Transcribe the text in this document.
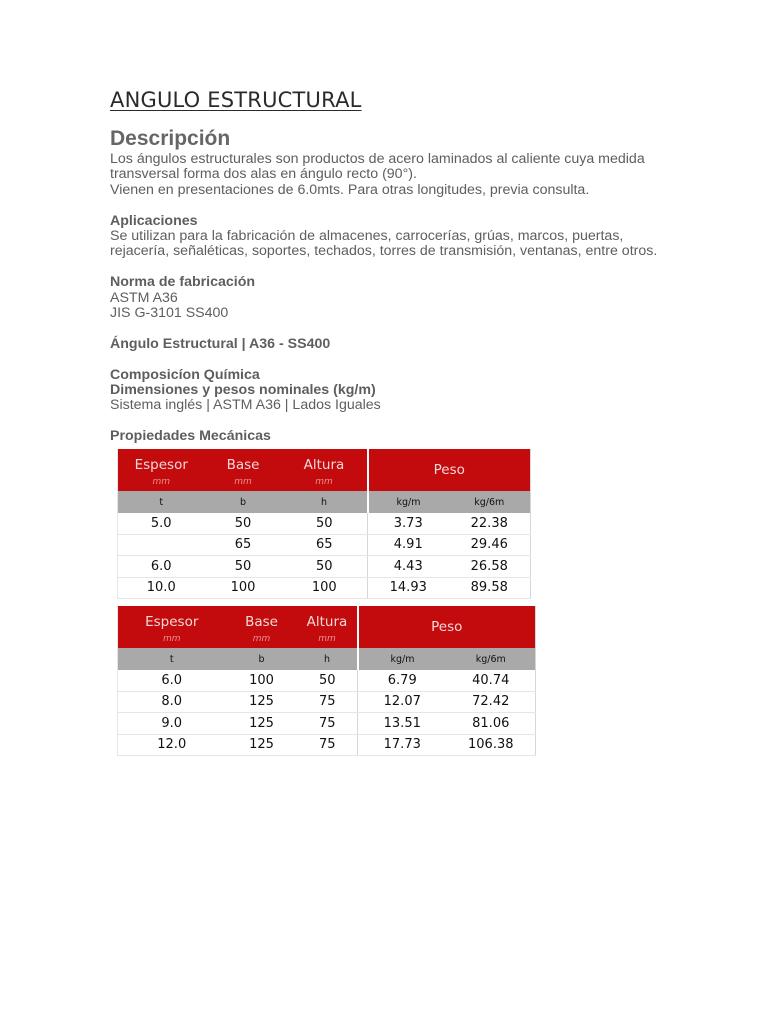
ANGULO ESTRUCTURAL
Descripción
Los ángulos estructurales son productos de acero laminados al caliente cuya medida
transversal forma dos alas en ángulo recto (90°).
Vienen en presentaciones de 6.0mts. Para otras longitudes, previa consulta.
Aplicaciones
Se utilizan para la fabricación de almacenes, carrocerías, grúas, marcos, puertas,
rejacería, señaléticas, soportes, techados, torres de transmisión, ventanas, entre otros.
Norma de fabricación
ASTM A36
JIS G-3101 SS400
Ángulo Estructural | A36 - SS400
Composicíon Química
Dimensiones y pesos nominales (kg/m)
Sistema inglés | ASTM A36 | Lados Iguales
Propiedades Mecánicas
Espesor	Base	Altura	Peso	
mm	mm	mm		
t	b	h	kg/m	kg/6m
5.0	50	50	3.73	22.38
	65	65	4.91	29.46
6.0	50	50	4.43	26.58
10.0	100	100	14.93	89.58
Espesor	Base	Altura	Peso	
mm	mm	mm		
t	b	h	kg/m	kg/6m
6.0	100	50	6.79	40.74
8.0	125	75	12.07	72.42
9.0	125	75	13.51	81.06
12.0	125	75	17.73	106.38
